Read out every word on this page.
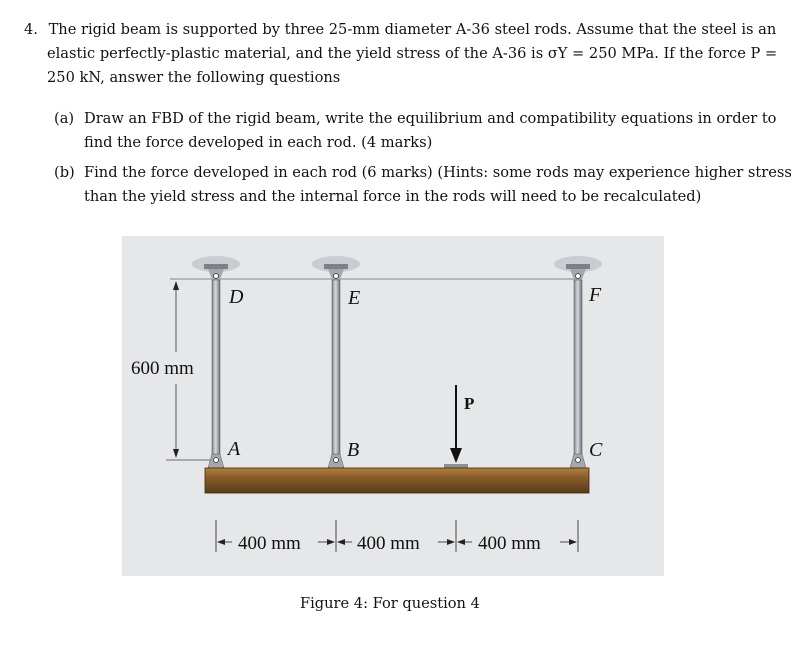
4. The rigid beam is supported by three 25-mm diameter A-36 steel rods. Assume that the steel is an
elastic perfectly-plastic material, and the yield stress of the A-36 is σY = 250 MPa. If the force P =
250 kN, answer the following questions
(a) Draw an FBD of the rigid beam, write the equilibrium and compatibility equations in order to
find the force developed in each rod. (4 marks)
(b) Find the force developed in each rod (6 marks) (Hints: some rods may experience higher stress
than the yield stress and the internal force in the rods will need to be recalculated)
600 mm
P
D	E	F
A	B	C
400 mm	400 mm	400 mm
Figure 4: For question 4
